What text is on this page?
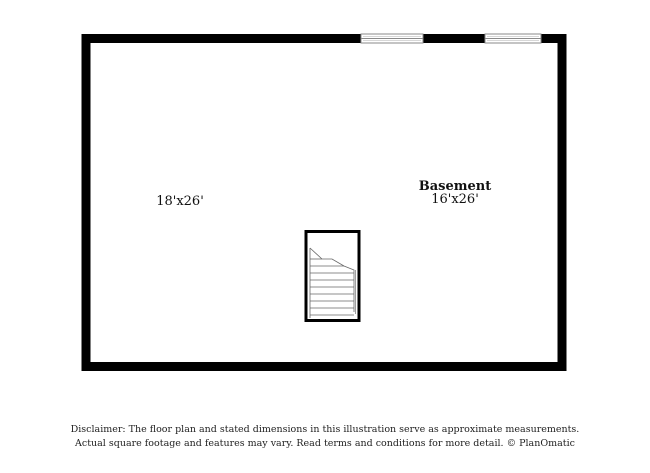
18'x26'
Basement
16'x26'
Disclaimer: The floor plan and stated dimensions in this illustration serve as approximate measurements.
Actual square footage and features may vary. Read terms and conditions for more detail. © PlanOmatic
